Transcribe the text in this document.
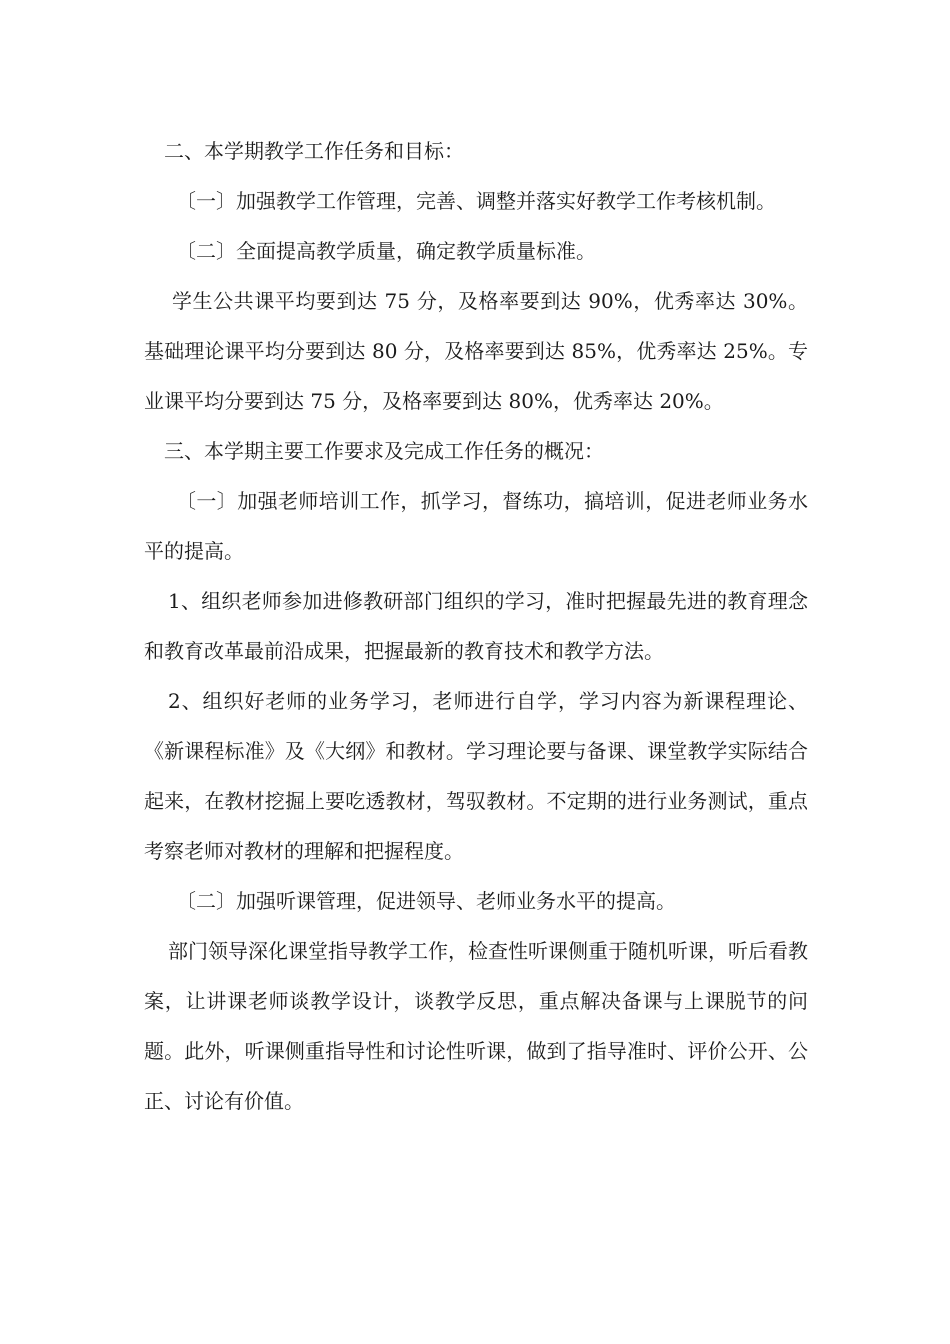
二、本学期教学工作任务和目标：

〔一〕加强教学工作管理，完善、调整并落实好教学工作考核机制。

〔二〕全面提高教学质量，确定教学质量标准。

学生公共课平均要到达 75 分，及格率要到达 90%，优秀率达 30%。基础理论课平均分要到达 80 分，及格率要到达 85%，优秀率达 25%。专业课平均分要到达 75 分，及格率要到达 80%，优秀率达 20%。

三、本学期主要工作要求及完成工作任务的概况：

〔一〕加强老师培训工作，抓学习，督练功，搞培训，促进老师业务水平的提高。

1、组织老师参加进修教研部门组织的学习，准时把握最先进的教育理念和教育改革最前沿成果，把握最新的教育技术和教学方法。

2、组织好老师的业务学习，老师进行自学，学习内容为新课程理论、《新课程标准》及《大纲》和教材。学习理论要与备课、课堂教学实际结合起来，在教材挖掘上要吃透教材，驾驭教材。不定期的进行业务测试，重点考察老师对教材的理解和把握程度。

〔二〕加强听课管理，促进领导、老师业务水平的提高。

部门领导深化课堂指导教学工作，检查性听课侧重于随机听课，听后看教案，让讲课老师谈教学设计，谈教学反思，重点解决备课与上课脱节的问题。此外，听课侧重指导性和讨论性听课，做到了指导准时、评价公开、公正、讨论有价值。
